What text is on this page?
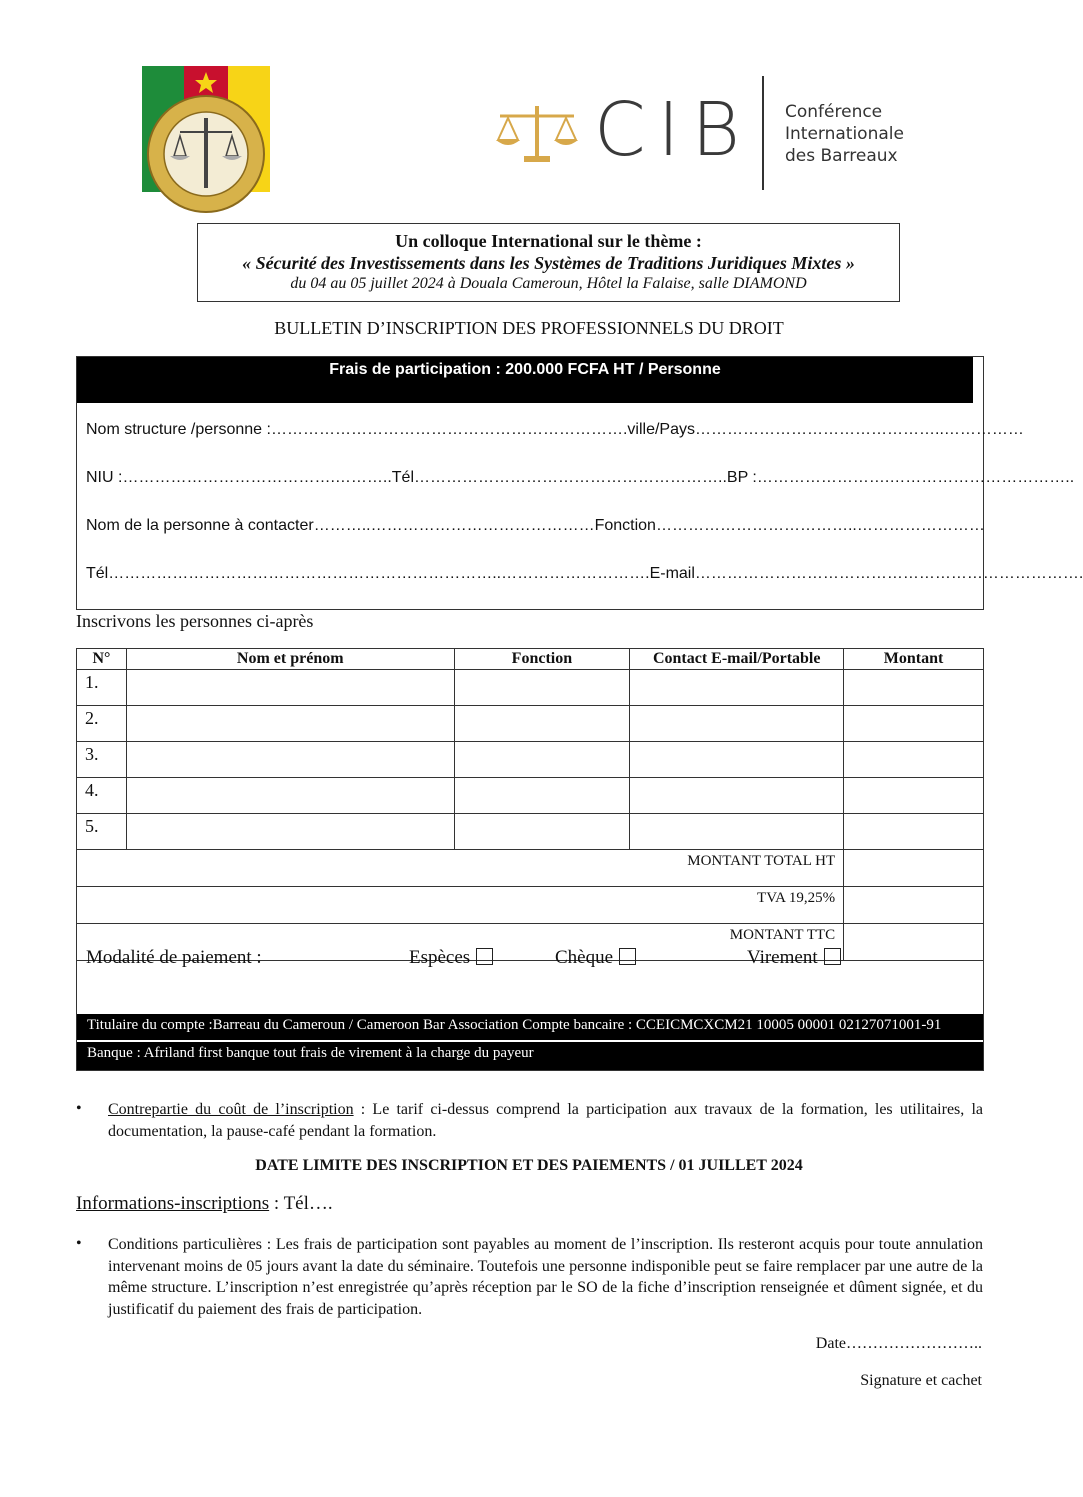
CIB Conférence
Internationale
des Barreaux
Un colloque International sur le thème :
« Sécurité des Investissements dans les Systèmes de Traditions Juridiques Mixtes »
du 04 au 05 juillet 2024 à Douala Cameroun, Hôtel la Falaise, salle DIAMOND
BULLETIN D’INSCRIPTION DES PROFESSIONNELS DU DROIT
Frais de participation : 200.000 FCFA HT / Personne
Nom structure /personne :………………………………………………………….ville/Pays………………………………………..……………
NIU :………………………………….………..Tél…………………………………………………..BP :…………………….……………………………..
Nom de la personne à contacter………..……………………………………Fonction………………………………..……………………
Tél………………………………………………………………..……………………….E-mail……………………………………………………………….
Inscrivons les personnes ci-après
N°	Nom et prénom	Fonction	Contact E-mail/Portable	Montant
1.				
2.				
3.				
4.				
5.				
MONTANT TOTAL HT				
TVA 19,25%				
MONTANT TTC				
Modalité de paiement :	Espèces	Chèque	Virement
Titulaire du compte :Barreau du Cameroun / Cameroon Bar Association Compte bancaire : CCEICMCXCM21 10005 00001 02127071001-91
Banque : Afriland first banque tout frais de virement à la charge du payeur
• Contrepartie du coût de l’inscription : Le tarif ci-dessus comprend la participation aux travaux de la formation, les utilitaires, la documentation, la pause-café pendant la formation.
DATE LIMITE DES INSCRIPTION ET DES PAIEMENTS / 01 JUILLET 2024
Informations-inscriptions : Tél….
• Conditions particulières : Les frais de participation sont payables au moment de l’inscription. Ils resteront acquis pour toute annulation intervenant moins de 05 jours avant la date du séminaire. Toutefois une personne indisponible peut se faire remplacer par une autre de la même structure. L’inscription n’est enregistrée qu’après réception par le SO de la fiche d’inscription renseignée et dûment signée, et du justificatif du paiement des frais de participation.
Date……………………..
Signature et cachet
